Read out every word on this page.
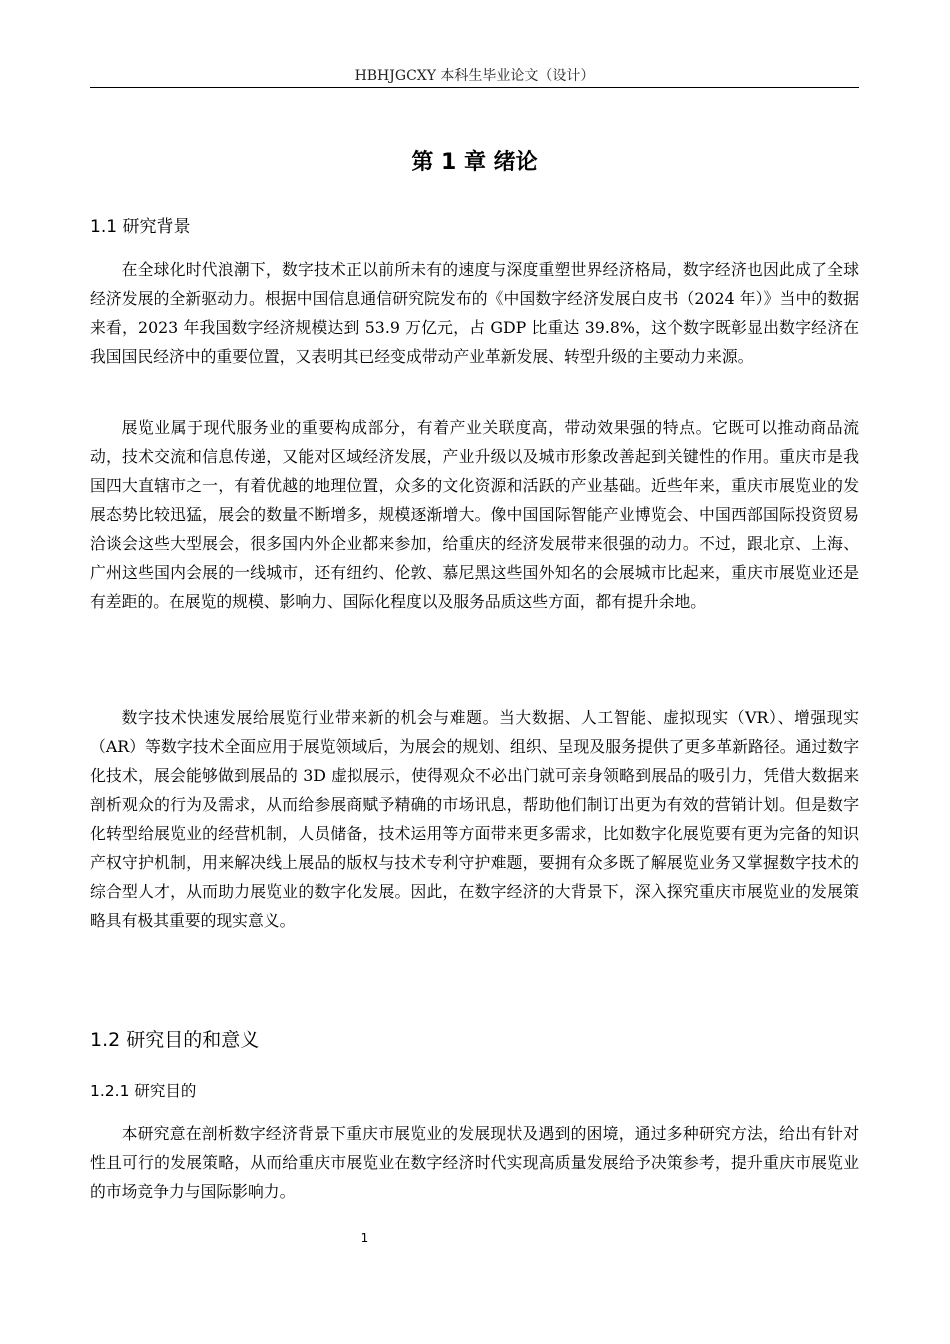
HBHJGCXY 本科生毕业论文（设计）
第 1 章 绪论
1.1 研究背景
在全球化时代浪潮下，数字技术正以前所未有的速度与深度重塑世界经济格局，数字经济也因此成了全球经济发展的全新驱动力。根据中国信息通信研究院发布的《中国数字经济发展白皮书（2024 年）》当中的数据来看，2023 年我国数字经济规模达到 53.9 万亿元，占 GDP 比重达 39.8%，这个数字既彰显出数字经济在我国国民经济中的重要位置，又表明其已经变成带动产业革新发展、转型升级的主要动力来源。
展览业属于现代服务业的重要构成部分，有着产业关联度高，带动效果强的特点。它既可以推动商品流动，技术交流和信息传递，又能对区域经济发展，产业升级以及城市形象改善起到关键性的作用。重庆市是我国四大直辖市之一，有着优越的地理位置，众多的文化资源和活跃的产业基础。近些年来，重庆市展览业的发展态势比较迅猛，展会的数量不断增多，规模逐渐增大。像中国国际智能产业博览会、中国西部国际投资贸易洽谈会这些大型展会，很多国内外企业都来参加，给重庆的经济发展带来很强的动力。不过，跟北京、上海、广州这些国内会展的一线城市，还有纽约、伦敦、慕尼黑这些国外知名的会展城市比起来，重庆市展览业还是有差距的。在展览的规模、影响力、国际化程度以及服务品质这些方面，都有提升余地。
数字技术快速发展给展览行业带来新的机会与难题。当大数据、人工智能、虚拟现实（VR）、增强现实（AR）等数字技术全面应用于展览领域后，为展会的规划、组织、呈现及服务提供了更多革新路径。通过数字化技术，展会能够做到展品的 3D 虚拟展示，使得观众不必出门就可亲身领略到展品的吸引力，凭借大数据来剖析观众的行为及需求，从而给参展商赋予精确的市场讯息，帮助他们制订出更为有效的营销计划。但是数字化转型给展览业的经营机制，人员储备，技术运用等方面带来更多需求，比如数字化展览要有更为完备的知识产权守护机制，用来解决线上展品的版权与技术专利守护难题，要拥有众多既了解展览业务又掌握数字技术的综合型人才，从而助力展览业的数字化发展。因此，在数字经济的大背景下，深入探究重庆市展览业的发展策略具有极其重要的现实意义。
1.2 研究目的和意义
1.2.1 研究目的
本研究意在剖析数字经济背景下重庆市展览业的发展现状及遇到的困境，通过多种研究方法，给出有针对性且可行的发展策略，从而给重庆市展览业在数字经济时代实现高质量发展给予决策参考，提升重庆市展览业的市场竞争力与国际影响力。
1
